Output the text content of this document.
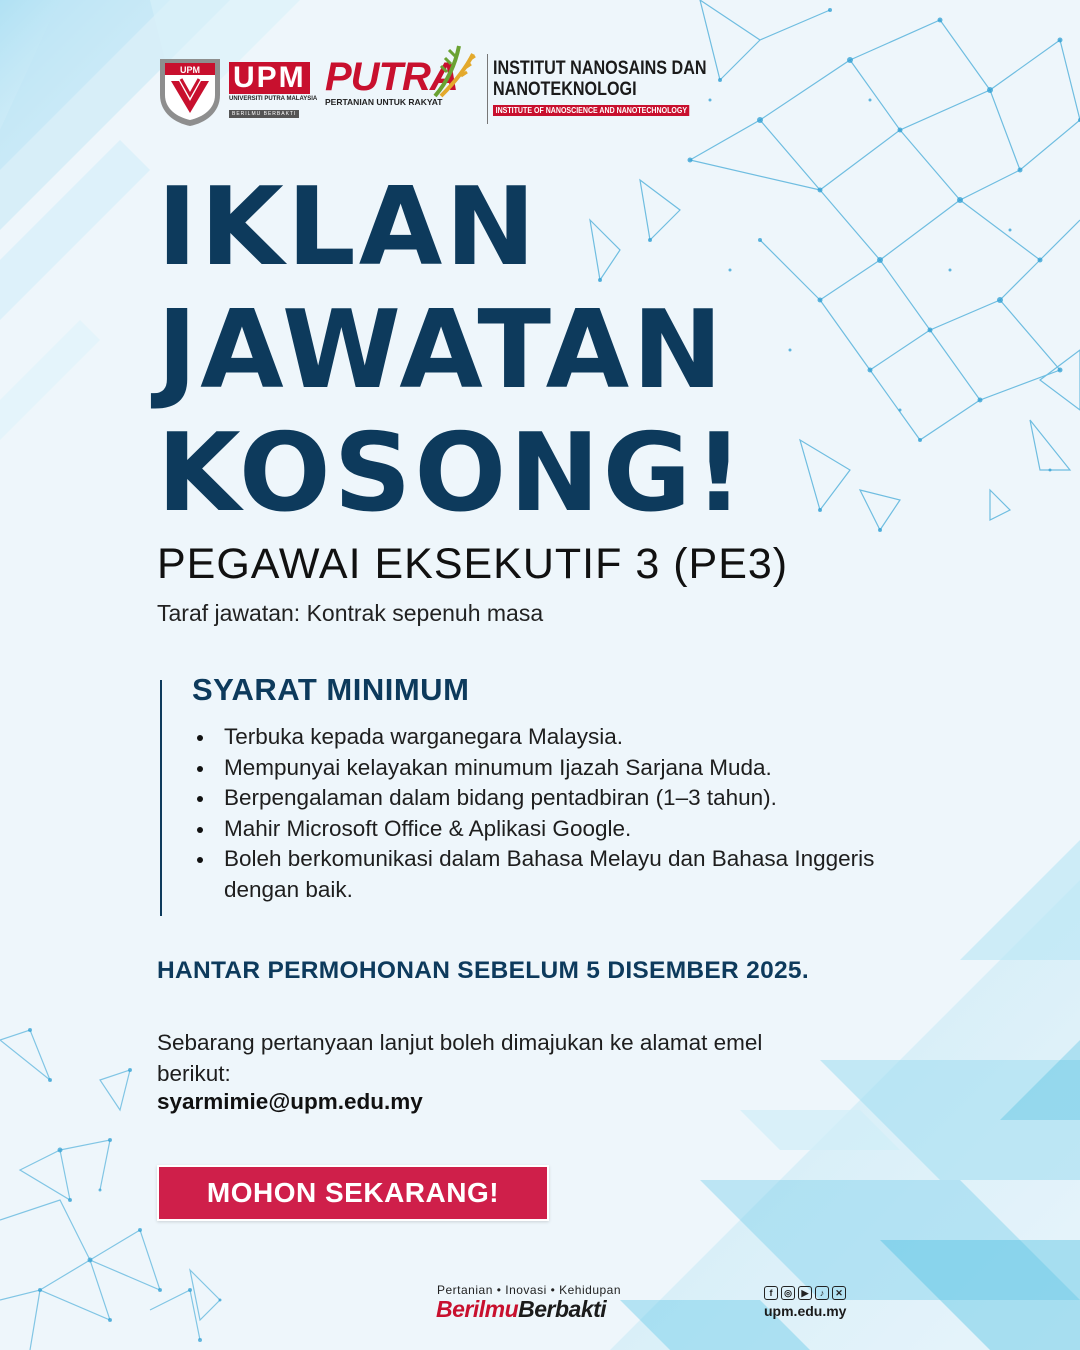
UPM UPM
UNIVERSITI PUTRA MALAYSIA
BERILMU BERBAKTI
PUTRA
PERTANIAN UNTUK RAKYAT
INSTITUT NANOSAINS DAN
NANOTEKNOLOGI
INSTITUTE OF NANOSCIENCE AND NANOTECHNOLOGY
IKLAN
JAWATAN
KOSONG!
PEGAWAI EKSEKUTIF 3 (PE3)
Taraf jawatan: Kontrak sepenuh masa
SYARAT MINIMUM
Terbuka kepada warganegara Malaysia.
Mempunyai kelayakan minumum Ijazah Sarjana Muda.
Berpengalaman dalam bidang pentadbiran (1–3 tahun).
Mahir Microsoft Office & Aplikasi Google.
Boleh berkomunikasi dalam Bahasa Melayu dan Bahasa Inggeris dengan baik.
HANTAR PERMOHONAN SEBELUM 5 DISEMBER 2025.
Sebarang pertanyaan lanjut boleh dimajukan ke alamat emel berikut:
syarmimie@upm.edu.my
MOHON SEKARANG!
Pertanian • Inovasi • Kehidupan
BerilmuBerbakti
f	◎	▶	♪	✕
upm.edu.my
